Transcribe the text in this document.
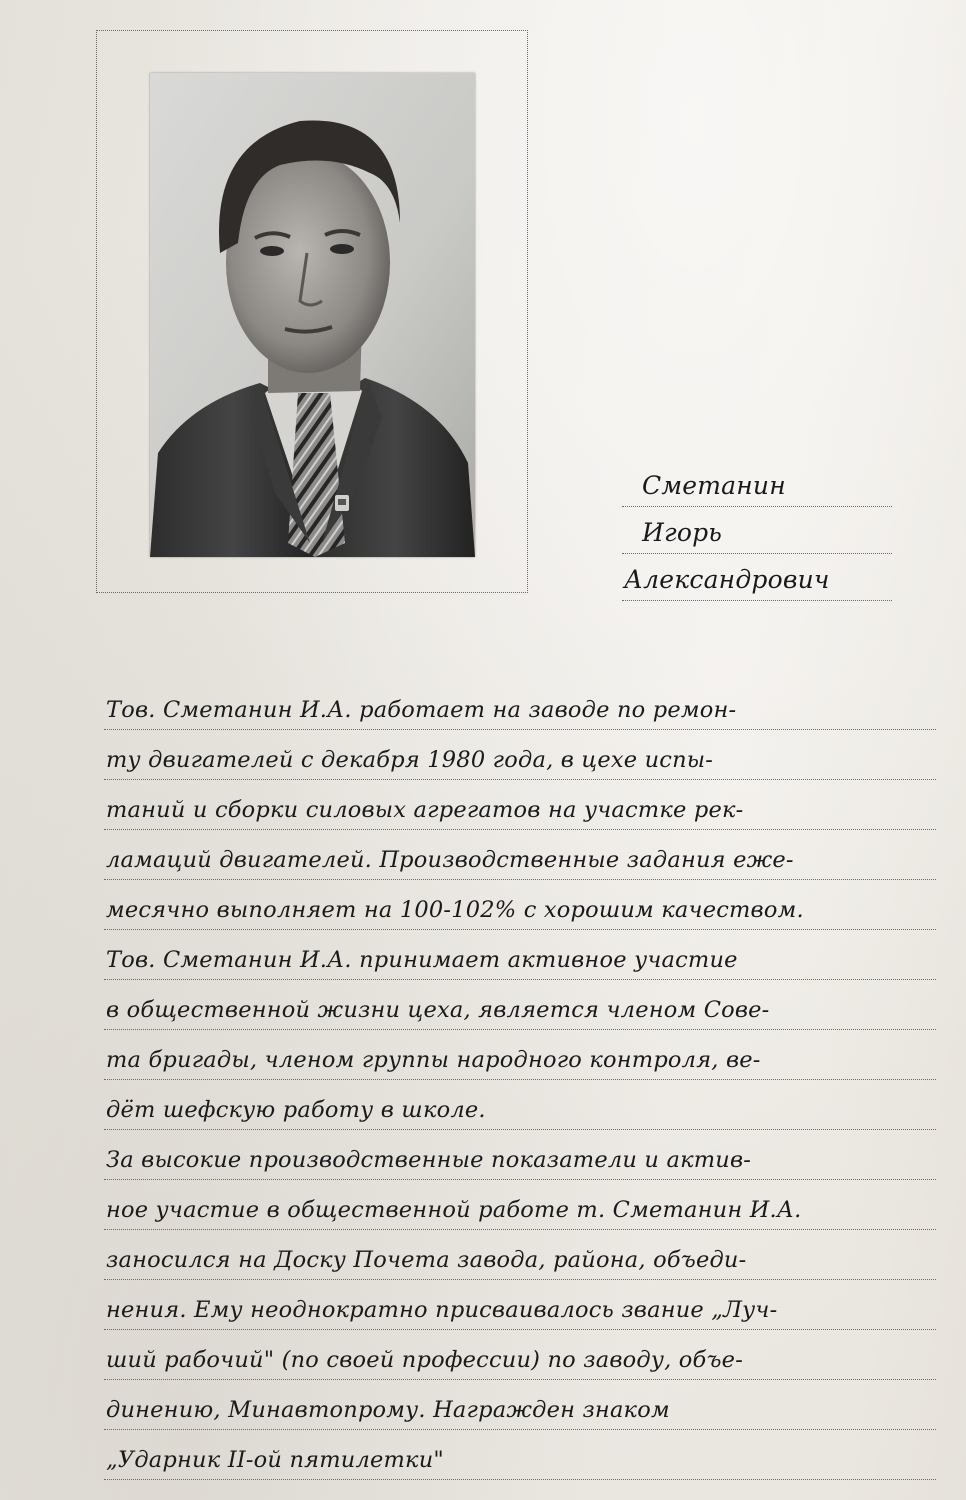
Сметанин
Игорь
Александрович
Тов. Сметанин И.А. работает на заводе по ремон-
ту двигателей с декабря 1980 года, в цехе испы-
таний и сборки силовых агрегатов на участке рек-
ламаций двигателей. Производственные задания еже-
месячно выполняет на 100-102% с хорошим качеством.
Тов. Сметанин И.А. принимает активное участие
в общественной жизни цеха, является членом Сове-
та бригады, членом группы народного контроля, ве-
дёт шефскую работу в школе.
За высокие производственные показатели и актив-
ное участие в общественной работе т. Сметанин И.А.
заносился на Доску Почета завода, района, объеди-
нения. Ему неоднократно присваивалось звание „Луч-
ший рабочий" (по своей профессии) по заводу, объе-
динению, Минавтопрому. Награжден знаком
„Ударник II-ой пятилетки"
